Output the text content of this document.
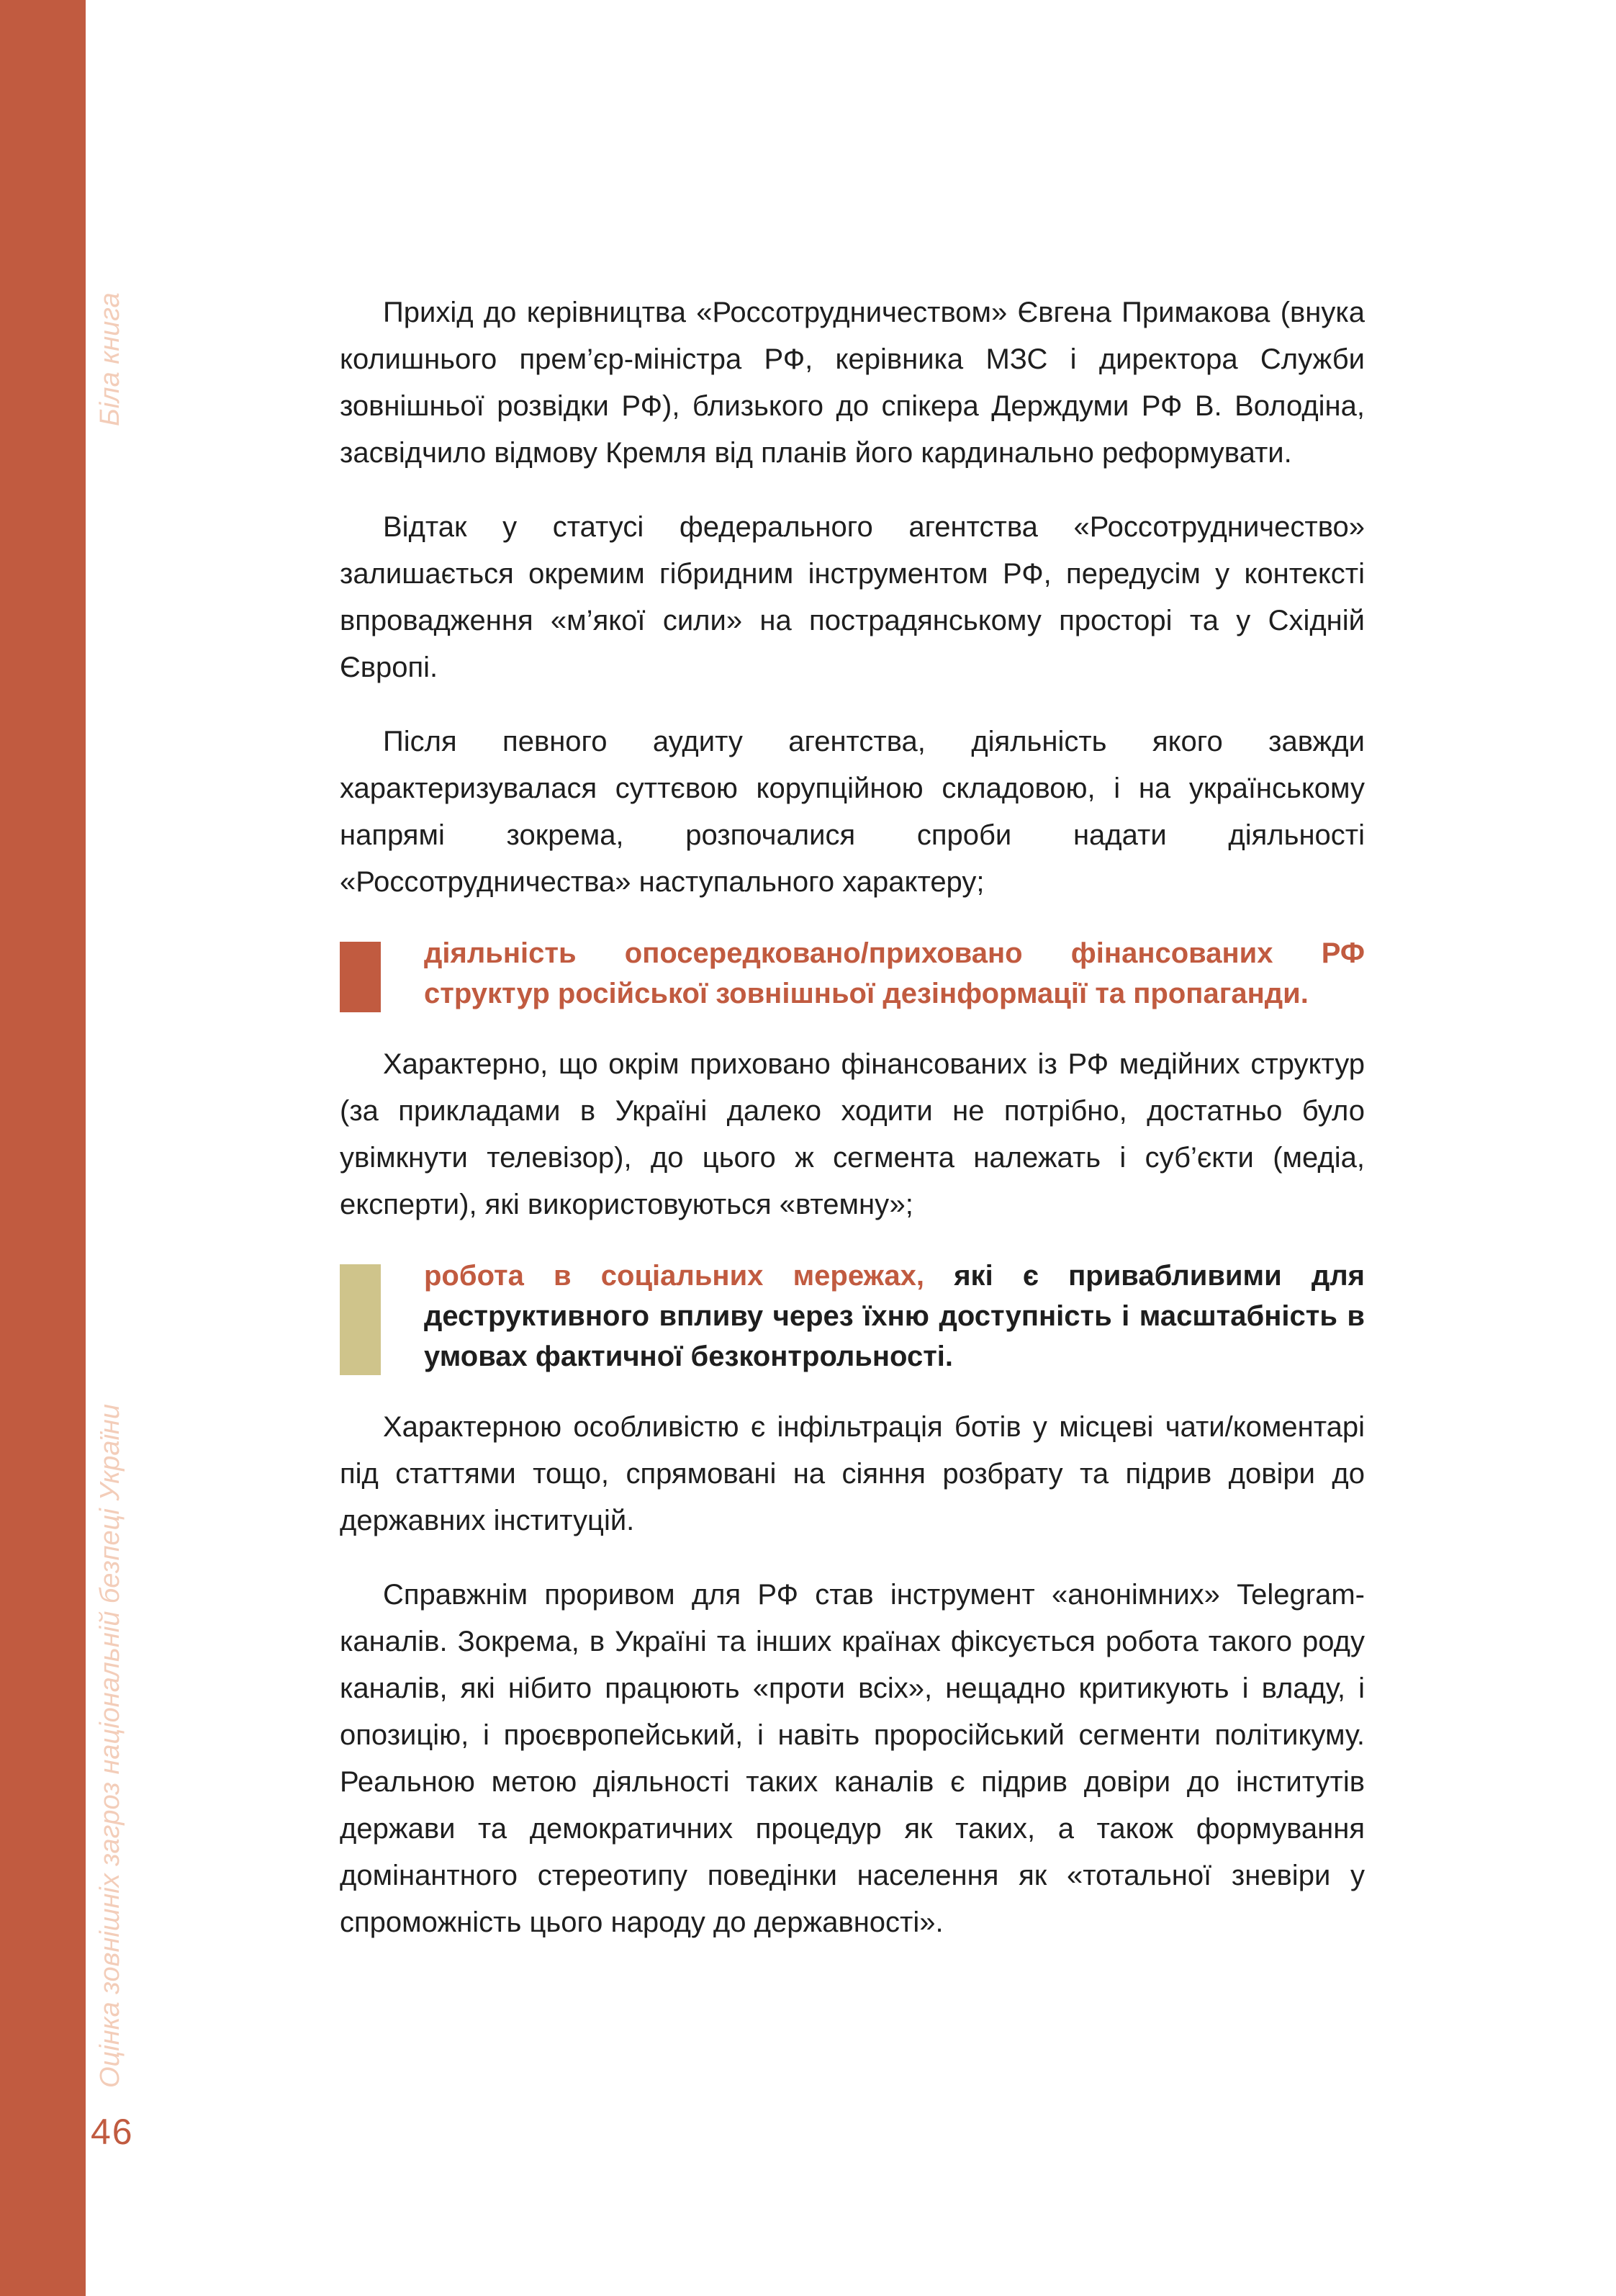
Біла книга
Оцінка зовнішніх загроз національній безпеці України
46

Прихід до керівництва «Россотрудничеством» Євгена Примакова (внука колишнього прем’єр-міністра РФ, керівника МЗС і директора Служби зовнішньої розвідки РФ), близького до спікера Держдуми РФ В. Володіна, засвідчило відмову Кремля від планів його кардинально реформувати.

Відтак у статусі федерального агентства «Россотрудничество» залишається окремим гібридним інструментом РФ, передусім у контексті впровадження «м’якої сили» на пострадянському просторі та у Східній Європі.

Після певного аудиту агентства, діяльність якого завжди характеризувалася суттєвою корупційною складовою, і на українському напрямі зокрема, розпочалися спроби надати діяльності «Россотрудничества» наступального характеру;

діяльність опосередковано/приховано фінансованих РФ структур російської зовнішньої дезінформації та пропаганди.

Характерно, що окрім приховано фінансованих із РФ медійних структур (за прикладами в Україні далеко ходити не потрібно, достатньо було увімкнути телевізор), до цього ж сегмента належать і суб’єкти (медіа, експерти), які використовуються «втемну»;

робота в соціальних мережах, які є привабливими для деструктивного впливу через їхню доступність і масштабність в умовах фактичної безконтрольності.

Характерною особливістю є інфільтрація ботів у місцеві чати/коментарі під статтями тощо, спрямовані на сіяння розбрату та підрив довіри до державних інституцій.

Справжнім проривом для РФ став інструмент «анонімних» Telegram-каналів. Зокрема, в Україні та інших країнах фіксується робота такого роду каналів, які нібито працюють «проти всіх», нещадно критикують і владу, і опозицію, і проєвропейський, і навіть проросійський сегменти політикуму. Реальною метою діяльності таких каналів є підрив довіри до інститутів держави та демократичних процедур як таких, а також формування домінантного стереотипу поведінки населення як «тотальної зневіри у спроможність цього народу до державності».
